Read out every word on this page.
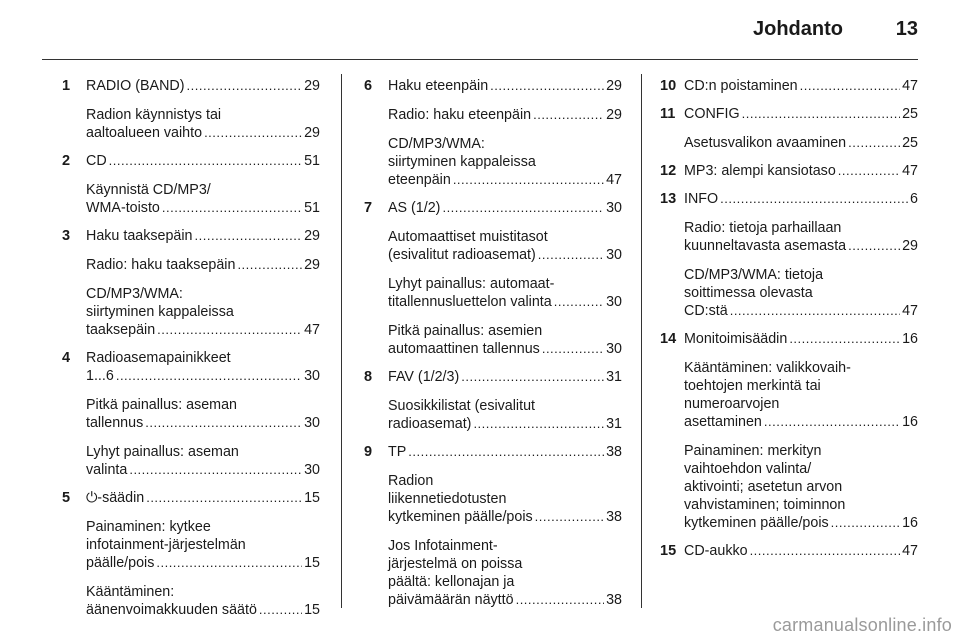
Johdanto	13
1	RADIO (BAND) .....	29
Radion käynnistys tai
aaltoalueen vaihto .....	29
2	CD .....	51
Käynnistä CD/MP3/
WMA-toisto .....	51
3	Haku taaksepäin .....	29
Radio: haku taaksepäin .....	29
CD/MP3/WMA:
siirtyminen kappaleissa
taaksepäin .....	47
4	Radioasemapainikkeet
1...6 .....	30
Pitkä painallus: aseman
tallennus .....	30
Lyhyt painallus: aseman
valinta .....	30
5	⏻-säädin .....	15
Painaminen: kytkee
infotainment-järjestelmän
päälle/pois .....	15
Kääntäminen:
äänenvoimakkuuden säätö .....	15
6	Haku eteenpäin .....	29
Radio: haku eteenpäin .....	29
CD/MP3/WMA:
siirtyminen kappaleissa
eteenpäin .....	47
7	AS (1/2) .....	30
Automaattiset muistitasot
(esivalitut radioasemat) .....	30
Lyhyt painallus: automaat-
titallennusluettelon valinta .....	30
Pitkä painallus: asemien
automaattinen tallennus .....	30
8	FAV (1/2/3) .....	31
Suosikkilistat (esivalitut
radioasemat) .....	31
9	TP .....	38
Radion
liikennetiedotusten
kytkeminen päälle/pois .....	38
Jos Infotainment-
järjestelmä on poissa
päältä: kellonajan ja
päivämäärän näyttö .....	38
10 CD:n poistaminen .....	47
11 CONFIG .....	25
Asetusvalikon avaaminen .....	25
12 MP3: alempi kansiotaso .....	47
13 INFO .....	6
Radio: tietoja parhaillaan
kuunneltavasta asemasta .....	29
CD/MP3/WMA: tietoja
soittimessa olevasta
CD:stä .....	47
14 Monitoimisäädin .....	16
Kääntäminen: valikkovaih-
toehtojen merkintä tai
numeroarvojen
asettaminen .....	16
Painaminen: merkityn
vaihtoehdon valinta/
aktivointi; asetetun arvon
vahvistaminen; toiminnon
kytkeminen päälle/pois .....	16
15 CD-aukko .....	47
carmanualsonline.info
